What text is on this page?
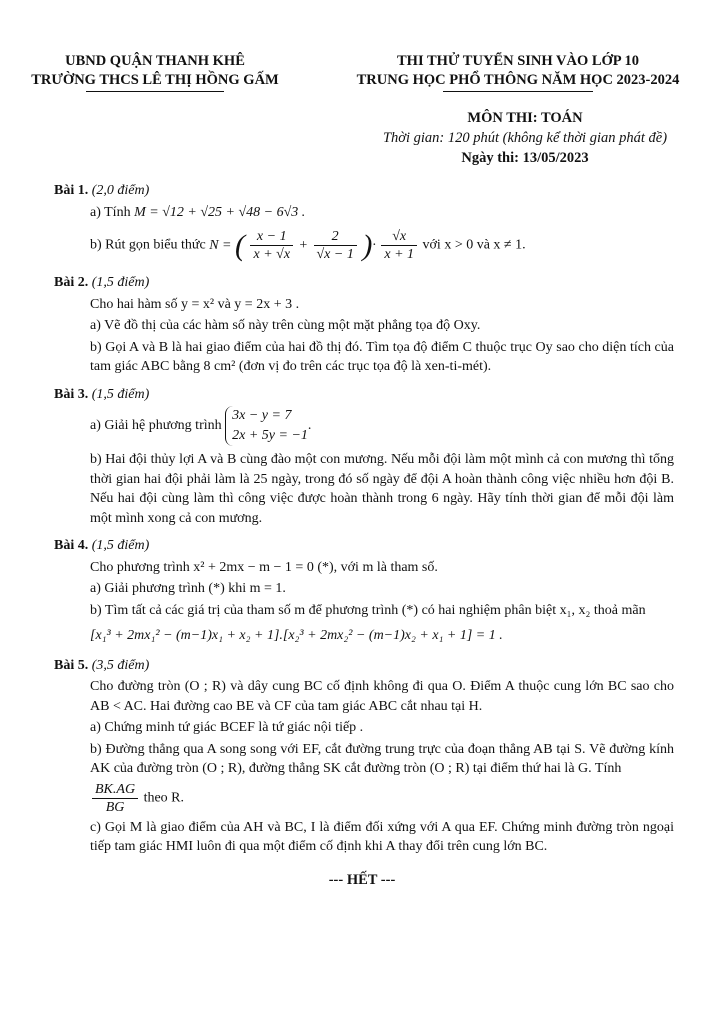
UBND QUẬN THANH KHÊ
TRƯỜNG THCS LÊ THỊ HỒNG GẤM
THI THỬ TUYỂN SINH VÀO LỚP 10
TRUNG HỌC PHỔ THÔNG NĂM HỌC 2023-2024
MÔN THI: TOÁN
Thời gian: 120 phút (không kể thời gian phát đề)
Ngày thi: 13/05/2023
Bài 1. (2,0 điểm)
a) Tính M = √12 + √25 + √48 − 6√3 .
b) Rút gọn biểu thức N = ( $\frac{x - 1}{x + √x} + \frac{2}{√x - 1}$ )· $\frac{√x}{x + 1}$ với x > 0 và x ≠ 1.
Bài 2. (1,5 điểm)
Cho hai hàm số y = x² và y = 2x + 3 .
a) Vẽ đồ thị của các hàm số này trên cùng một mặt phẳng tọa độ Oxy.
b) Gọi A và B là hai giao điểm của hai đồ thị đó. Tìm tọa độ điểm C thuộc trục Oy sao cho diện tích của tam giác ABC bằng 8 cm² (đơn vị đo trên các trục tọa độ là xen-ti-mét).
Bài 3. (1,5 điểm)
a) Giải hệ phương trình
3x − y = 7
2x + 5y = −1
.
b) Hai đội thủy lợi A và B cùng đào một con mương. Nếu mỗi đội làm một mình cả con mương thì tổng thời gian hai đội phải làm là 25 ngày, trong đó số ngày để đội A hoàn thành công việc nhiều hơn đội B. Nếu hai đội cùng làm thì công việc được hoàn thành trong 6 ngày. Hãy tính thời gian để mỗi đội làm một mình xong cả con mương.
Bài 4. (1,5 điểm)
Cho phương trình x² + 2mx − m − 1 = 0 (*), với m là tham số.
a) Giải phương trình (*) khi m = 1.
b) Tìm tất cả các giá trị của tham số m để phương trình (*) có hai nghiệm phân biệt x₁, x₂ thoả mãn
[x₁³ + 2mx₁² − (m−1)x₁ + x₂ + 1].[x₂³ + 2mx₂² − (m−1)x₂ + x₁ + 1] = 1 .
Bài 5. (3,5 điểm)
Cho đường tròn (O ; R) và dây cung BC cố định không đi qua O. Điểm A thuộc cung lớn BC sao cho AB < AC. Hai đường cao BE và CF của tam giác ABC cắt nhau tại H.
a) Chứng minh tứ giác BCEF là tứ giác nội tiếp .
b) Đường thẳng qua A song song với EF, cắt đường trung trực của đoạn thẳng AB tại S. Vẽ đường kính AK của đường tròn (O ; R), đường thẳng SK cắt đường tròn (O ; R) tại điểm thứ hai là G. Tính
$\frac{BK.AG}{BG}$ theo R.
c) Gọi M là giao điểm của AH và BC, I là điểm đối xứng với A qua EF. Chứng minh đường tròn ngoại tiếp tam giác HMI luôn đi qua một điểm cố định khi A thay đổi trên cung lớn BC.
--- HẾT ---
